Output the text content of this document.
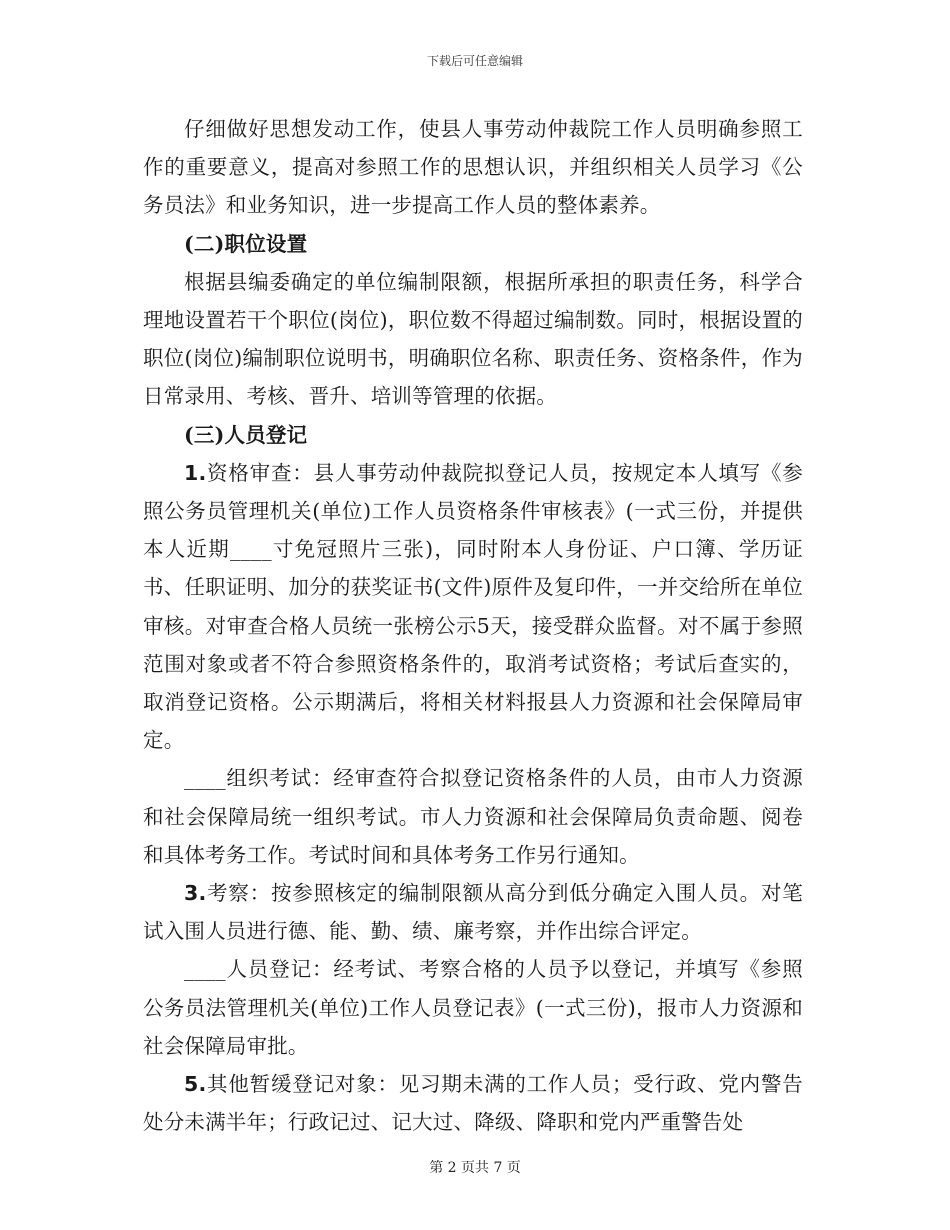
下载后可任意编辑

仔细做好思想发动工作，使县人事劳动仲裁院工作人员明确参照工作的重要意义，提高对参照工作的思想认识，并组织相关人员学习《公务员法》和业务知识，进一步提高工作人员的整体素养。

(二)职位设置

根据县编委确定的单位编制限额，根据所承担的职责任务，科学合理地设置若干个职位(岗位)，职位数不得超过编制数。同时，根据设置的职位(岗位)编制职位说明书，明确职位名称、职责任务、资格条件，作为日常录用、考核、晋升、培训等管理的依据。

(三)人员登记

1.资格审查：县人事劳动仲裁院拟登记人员，按规定本人填写《参照公务员管理机关(单位)工作人员资格条件审核表》(一式三份，并提供本人近期____寸免冠照片三张)，同时附本人身份证、户口簿、学历证书、任职证明、加分的获奖证书(文件)原件及复印件，一并交给所在单位审核。对审查合格人员统一张榜公示5天，接受群众监督。对不属于参照范围对象或者不符合参照资格条件的，取消考试资格；考试后查实的，取消登记资格。公示期满后，将相关材料报县人力资源和社会保障局审定。

____组织考试：经审查符合拟登记资格条件的人员，由市人力资源和社会保障局统一组织考试。市人力资源和社会保障局负责命题、阅卷和具体考务工作。考试时间和具体考务工作另行通知。

3.考察：按参照核定的编制限额从高分到低分确定入围人员。对笔试入围人员进行德、能、勤、绩、廉考察，并作出综合评定。

____人员登记：经考试、考察合格的人员予以登记，并填写《参照公务员法管理机关(单位)工作人员登记表》(一式三份)，报市人力资源和社会保障局审批。

5.其他暂缓登记对象：见习期未满的工作人员；受行政、党内警告处分未满半年；行政记过、记大过、降级、降职和党内严重警告处

第 2 页共 7 页
